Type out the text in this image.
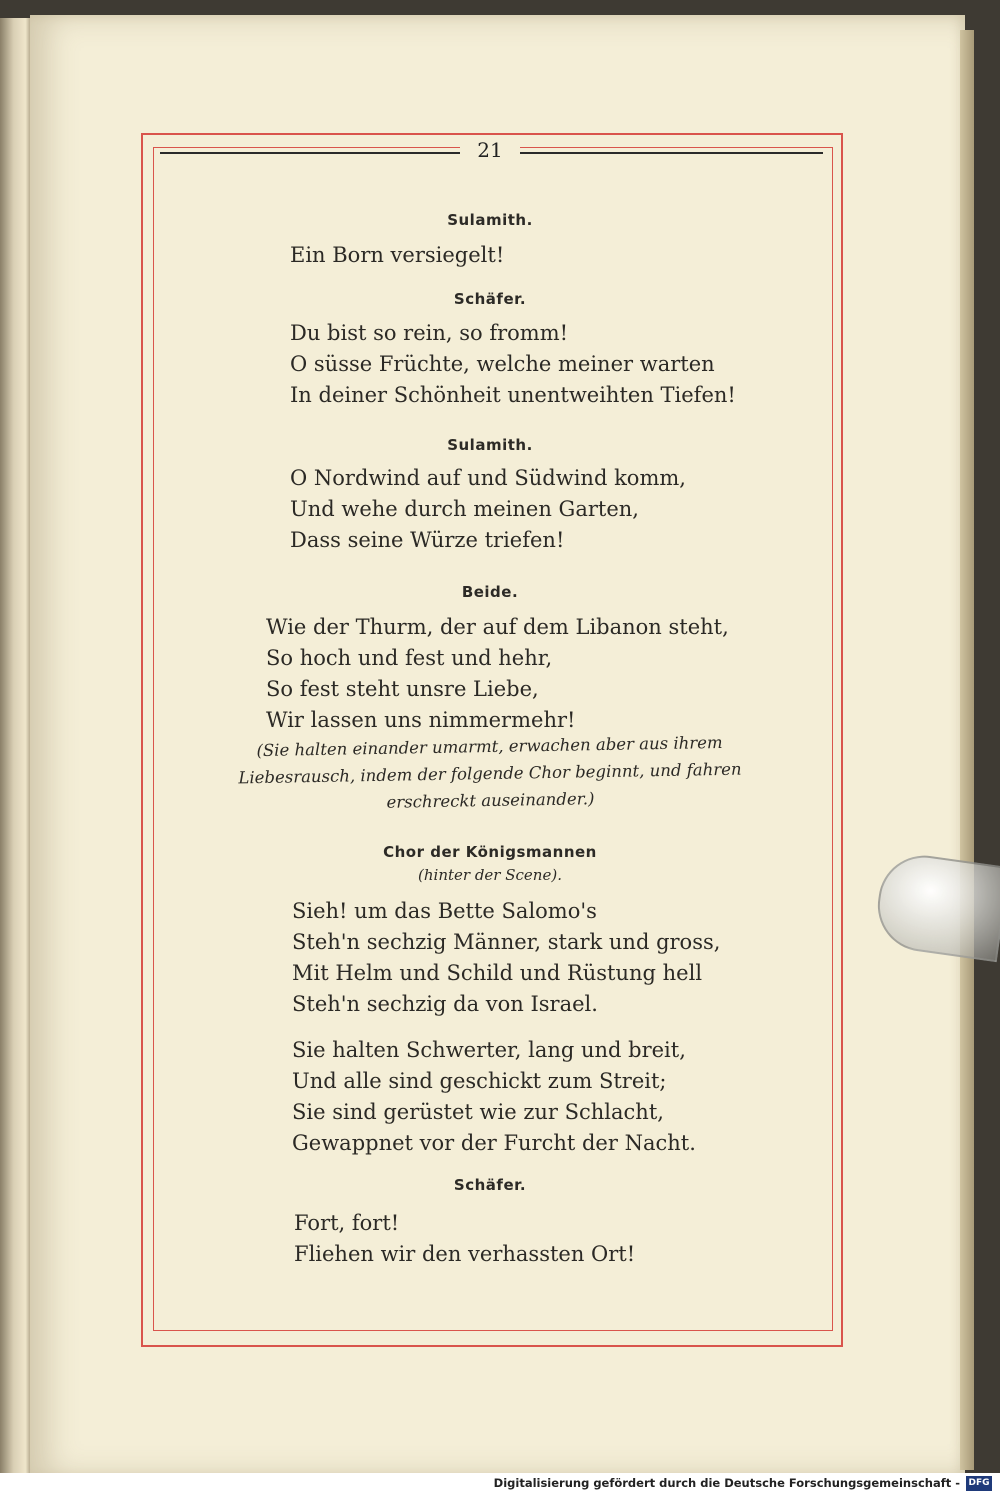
21
Sulamith.
Ein Born versiegelt!
Schäfer.
Du bist so rein, so fromm!
O süsse Früchte, welche meiner warten
In deiner Schönheit unentweihten Tiefen!
Sulamith.
O Nordwind auf und Südwind komm,
Und wehe durch meinen Garten,
Dass seine Würze triefen!
Beide.
Wie der Thurm, der auf dem Libanon steht,
So hoch und fest und hehr,
So fest steht unsre Liebe,
Wir lassen uns nimmermehr!
(Sie halten einander umarmt, erwachen aber aus ihrem
Liebesrausch, indem der folgende Chor beginnt, und fahren
erschreckt auseinander.)
Chor der Königsmannen
(hinter der Scene).
Sieh! um das Bette Salomo's
Steh'n sechzig Männer, stark und gross,
Mit Helm und Schild und Rüstung hell
Steh'n sechzig da von Israel.
Sie halten Schwerter, lang und breit,
Und alle sind geschickt zum Streit;
Sie sind gerüstet wie zur Schlacht,
Gewappnet vor der Furcht der Nacht.
Schäfer.
Fort, fort!
Fliehen wir den verhassten Ort!
Digitalisierung gefördert durch die Deutsche Forschungsgemeinschaft - DFG
